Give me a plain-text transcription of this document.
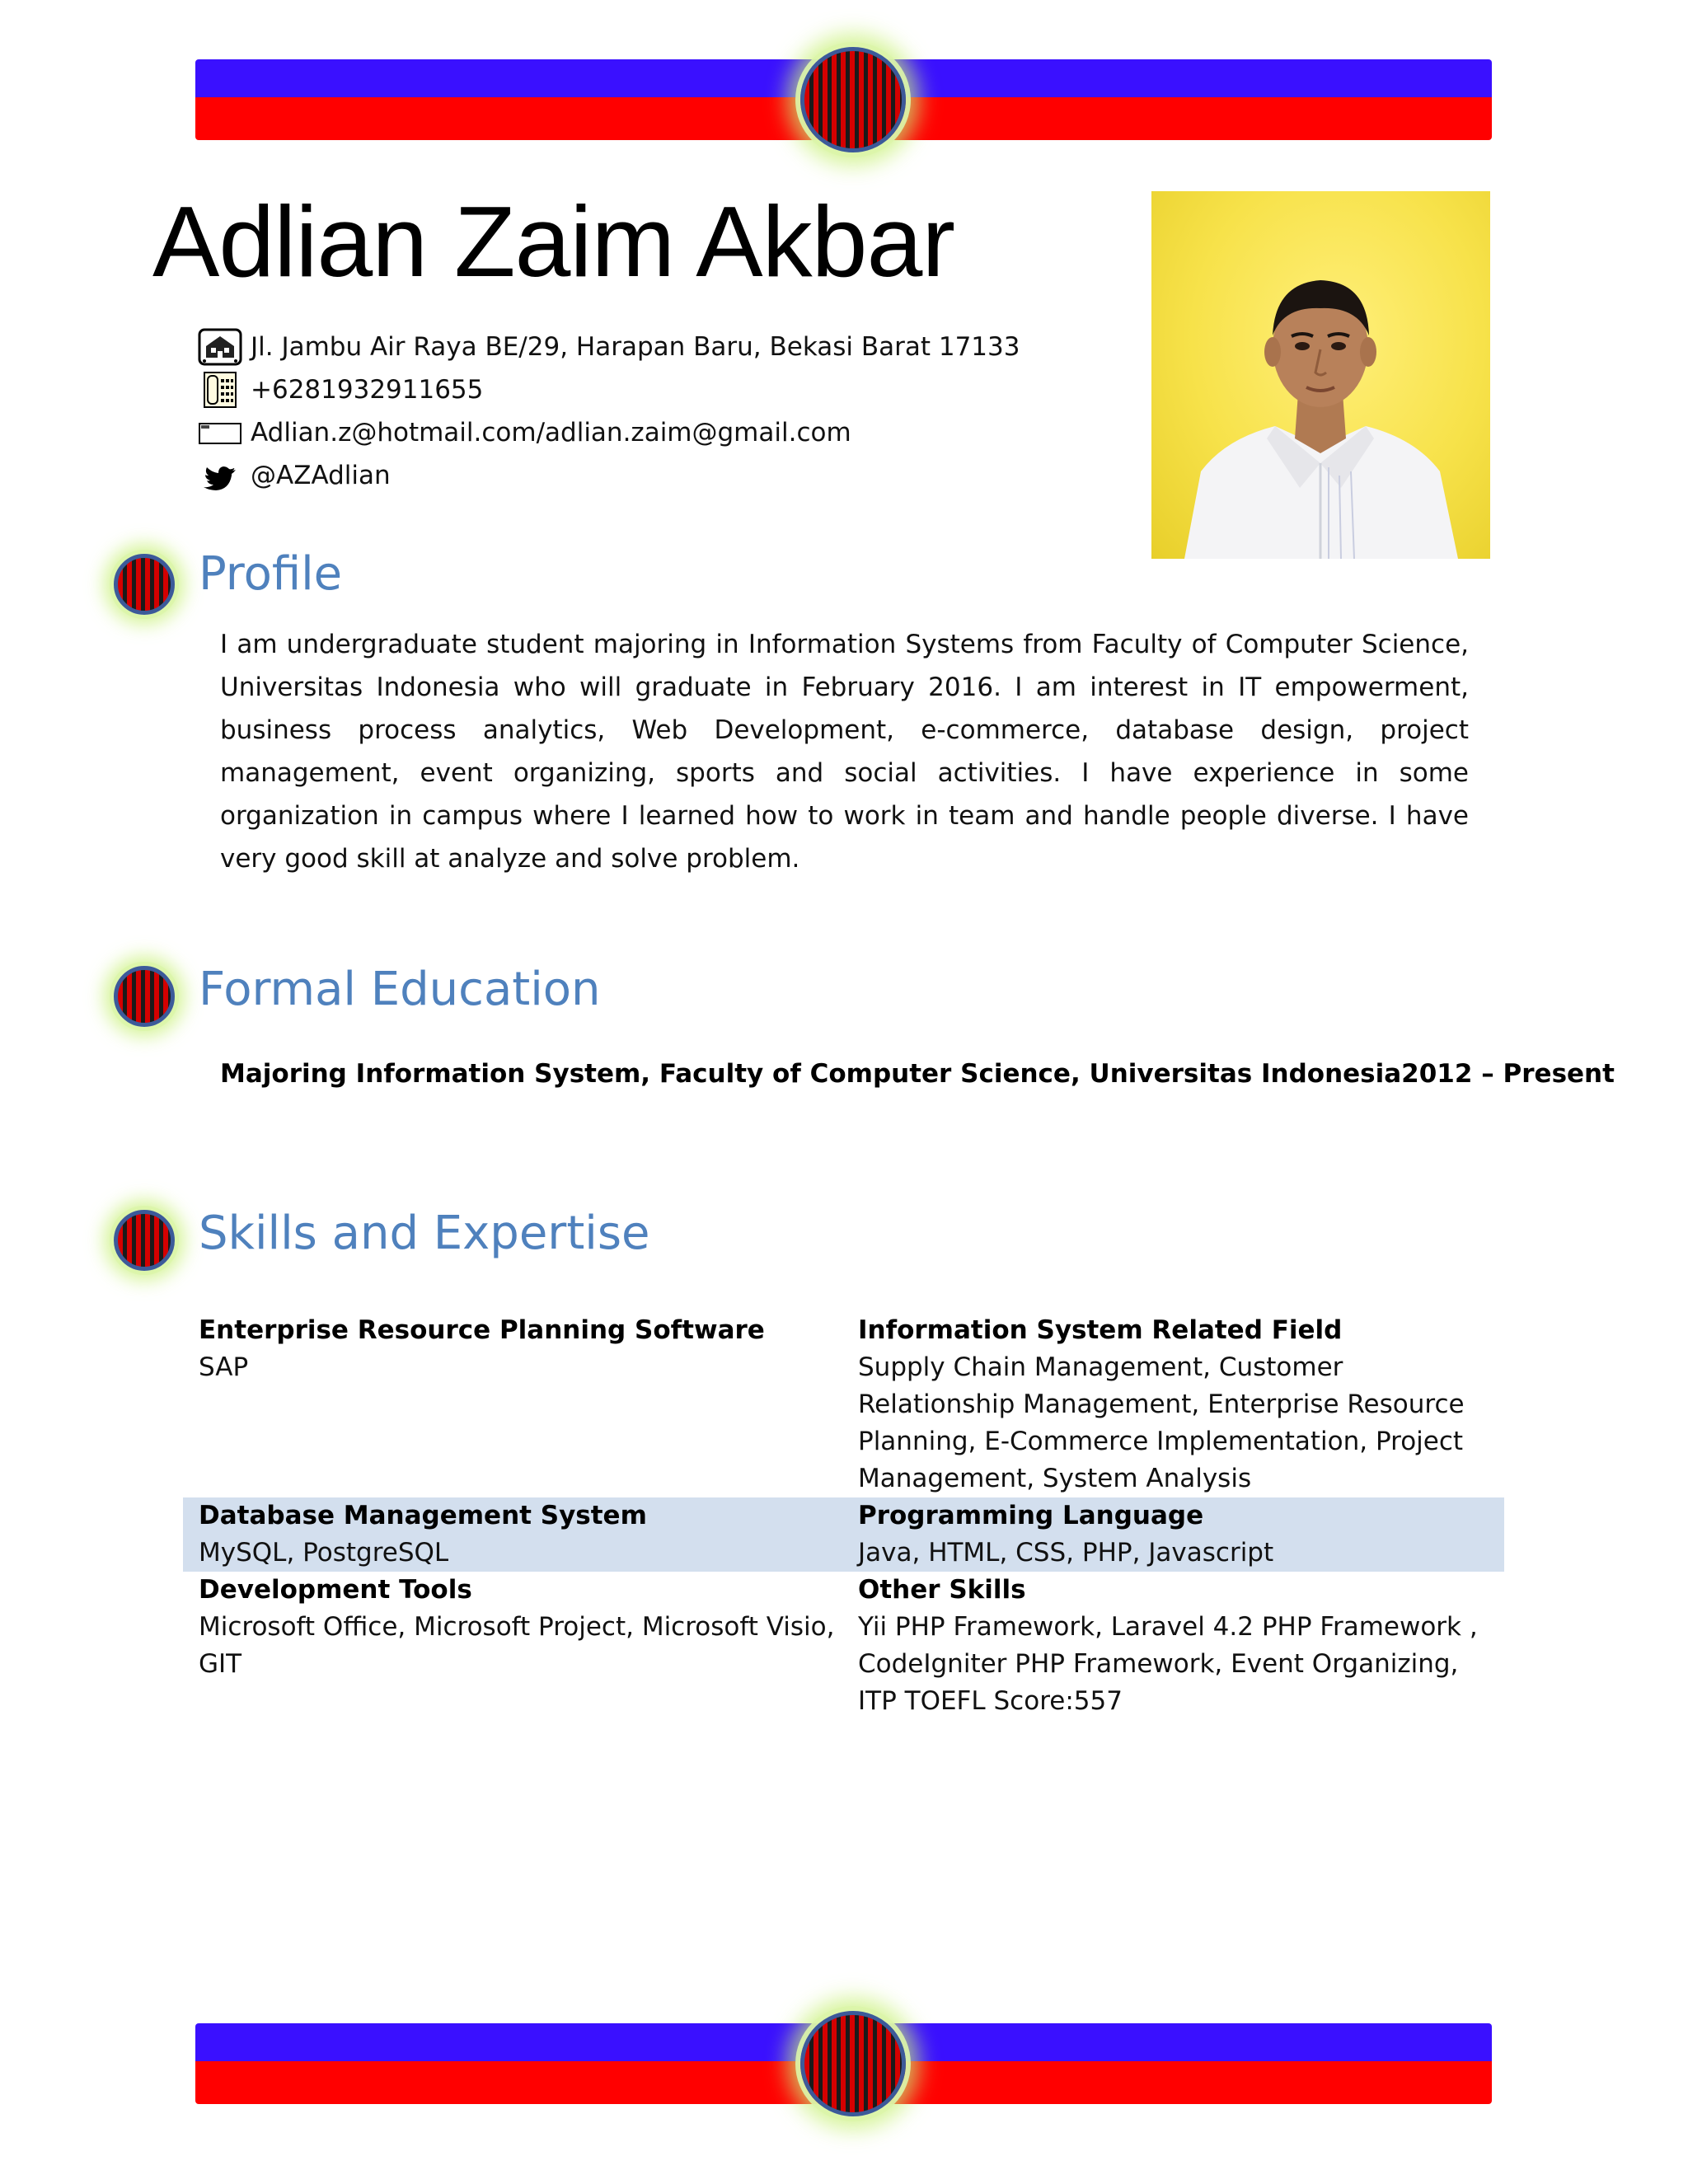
Adlian Zaim Akbar
Jl. Jambu Air Raya BE/29, Harapan Baru, Bekasi Barat 17133
+6281932911655
Adlian.z@hotmail.com/adlian.zaim@gmail.com
@AZAdlian
Profile
I am undergraduate student majoring in Information Systems from Faculty of Computer Science, Universitas Indonesia who will graduate in February 2016. I am interest in IT empowerment, business process analytics, Web Development, e-commerce, database design, project management, event organizing, sports and social activities. I have experience in some organization in campus where I learned how to work in team and handle people diverse. I have very good skill at analyze and solve problem.
Formal Education
Majoring Information System, Faculty of Computer Science, Universitas Indonesia 2012 – Present
Skills and Expertise
Enterprise Resource Planning Software
SAP
Information System Related Field
Supply Chain Management, Customer Relationship Management, Enterprise Resource Planning, E-Commerce Implementation, Project Management, System Analysis
Database Management System
MySQL, PostgreSQL
Programming Language
Java, HTML, CSS, PHP, Javascript
Development Tools
Microsoft Office, Microsoft Project, Microsoft Visio, GIT
Other Skills
Yii PHP Framework, Laravel 4.2 PHP Framework , CodeIgniter PHP Framework, Event Organizing, ITP TOEFL Score:557
